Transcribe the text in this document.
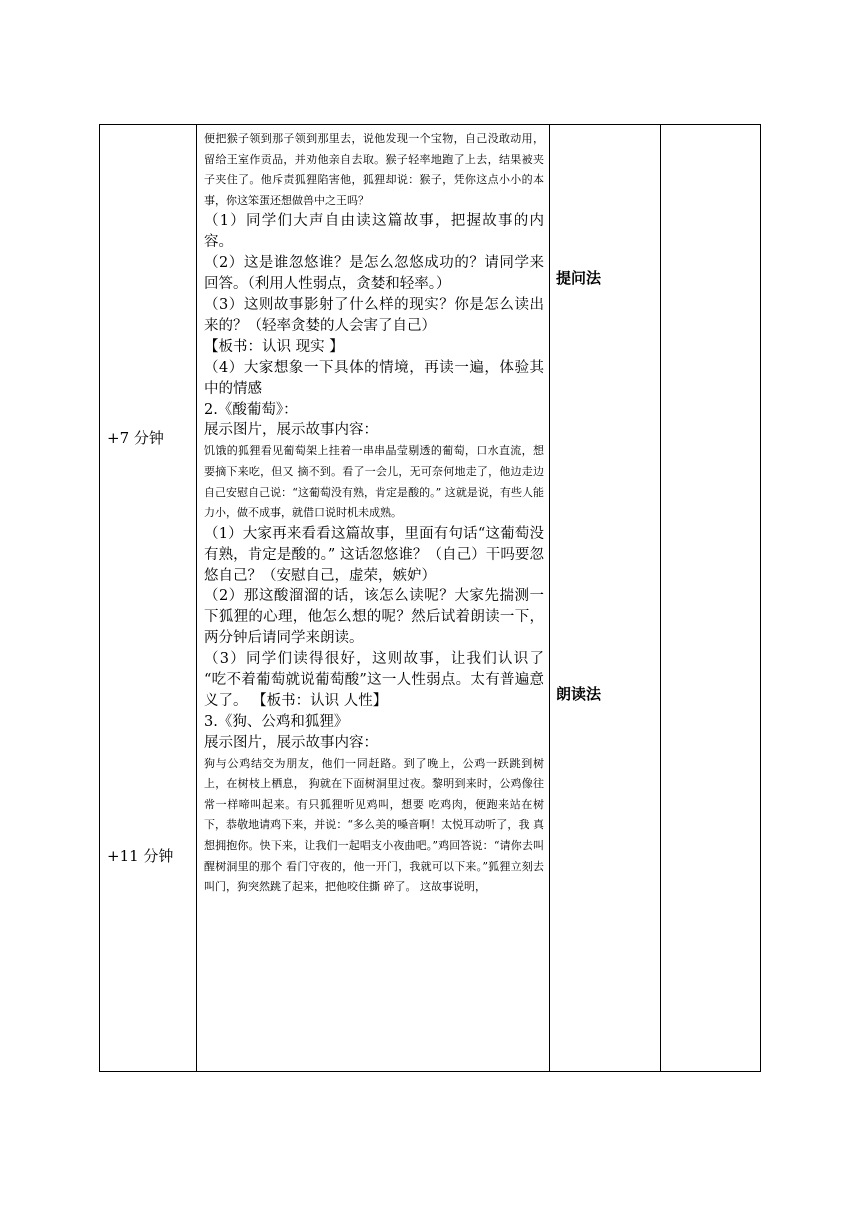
+7 分钟
+11 分钟
提问法
朗读法

便把猴子领到那子领到那里去，说他发现一个宝物，自己没敢动用，留给王室作贡品，并劝他亲自去取。猴子轻率地跑了上去，结果被夹子夹住了。他斥责狐狸陷害他，狐狸却说：猴子，凭你这点小小的本事，你这笨蛋还想做兽中之王吗？

（1）同学们大声自由读这篇故事，把握故事的内容。

（2）这是谁忽悠谁？是怎么忽悠成功的？请同学来回答。（利用人性弱点，贪婪和轻率。）

（3）这则故事影射了什么样的现实？你是怎么读出来的？（轻率贪婪的人会害了自己）

【板书：认识 现实 】

（4）大家想象一下具体的情境，再读一遍，体验其中的情感

2.《酸葡萄》：

展示图片，展示故事内容：

饥饿的狐狸看见葡萄架上挂着一串串晶莹剔透的葡萄，口水直流，想要摘下来吃，但又 摘不到。看了一会儿，无可奈何地走了，他边走边自己安慰自己说：“这葡萄没有熟，肯定是酸的。” 这就是说，有些人能力小，做不成事，就借口说时机未成熟。

（1）大家再来看看这篇故事，里面有句话“这葡萄没有熟，肯定是酸的。” 这话忽悠谁？（自己）干吗要忽悠自己？（安慰自己，虚荣，嫉妒）

（2）那这酸溜溜的话，该怎么读呢？大家先揣测一下狐狸的心理，他怎么想的呢？然后试着朗读一下，两分钟后请同学来朗读。

（3）同学们读得很好，这则故事，让我们认识了 “吃不着葡萄就说葡萄酸”这一人性弱点。太有普遍意义了。 【板书：认识 人性】

3.《狗、公鸡和狐狸》

展示图片，展示故事内容：

狗与公鸡结交为朋友，他们一同赶路。到了晚上，公鸡一跃跳到树上，在树枝上栖息， 狗就在下面树洞里过夜。黎明到来时，公鸡像往常一样啼叫起来。有只狐狸听见鸡叫，想要 吃鸡肉，便跑来站在树下，恭敬地请鸡下来，并说：“多么美的嗓音啊！太悦耳动听了，我 真想拥抱你。快下来，让我们一起唱支小夜曲吧。”鸡回答说：“请你去叫醒树洞里的那个 看门守夜的，他一开门，我就可以下来。”狐狸立刻去叫门，狗突然跳了起来，把他咬住撕 碎了。 这故事说明，
